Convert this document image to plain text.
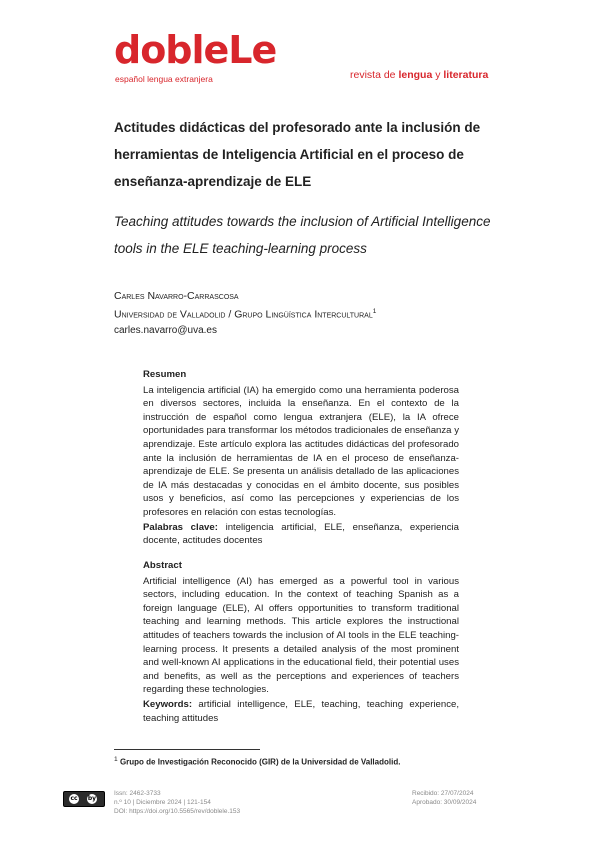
dobleLe
español lengua extranjera	revista de lengua y literatura
Actitudes didácticas del profesorado ante la inclusión de herramientas de Inteligencia Artificial en el proceso de enseñanza-aprendizaje de ELE
Teaching attitudes towards the inclusion of Artificial Intelligence tools in the ELE teaching-learning process
Carles Navarro-Carrascosa
Universidad de Valladolid / Grupo Lingüística Intercultural$^1$
carles.navarro@uva.es
Resumen

La inteligencia artificial (IA) ha emergido como una herramienta poderosa en diversos sectores, incluida la enseñanza. En el contexto de la instrucción de español como lengua extranjera (ELE), la IA ofrece oportunidades para transformar los métodos tradicionales de enseñanza y aprendizaje. Este artículo explora las actitudes didácticas del profesorado ante la inclusión de herramientas de IA en el proceso de enseñanza-aprendizaje de ELE. Se presenta un análisis detallado de las aplicaciones de IA más destacadas y conocidas en el ámbito docente, sus posibles usos y beneficios, así como las percepciones y experiencias de los profesores en relación con estas tecnologías.

Palabras clave: inteligencia artificial, ELE, enseñanza, experiencia docente, actitudes docentes

Abstract

Artificial intelligence (AI) has emerged as a powerful tool in various sectors, including education. In the context of teaching Spanish as a foreign language (ELE), AI offers opportunities to transform traditional teaching and learning methods. This article explores the instructional attitudes of teachers towards the inclusion of AI tools in the ELE teaching-learning process. It presents a detailed analysis of the most prominent and well-known AI applications in the educational field, their potential uses and benefits, as well as the perceptions and experiences of teachers regarding these technologies.

Keywords: artificial intelligence, ELE, teaching, teaching experience, teaching attitudes

$^1$ Grupo de Investigación Reconocido (GIR) de la Universidad de Valladolid.
cc by
Issn: 2462-3733
n.º 10 | Diciembre 2024 | 121-154
DOI: https://doi.org/10.5565/rev/doblele.153
Recibido: 27/07/2024
Aprobado: 30/09/2024
